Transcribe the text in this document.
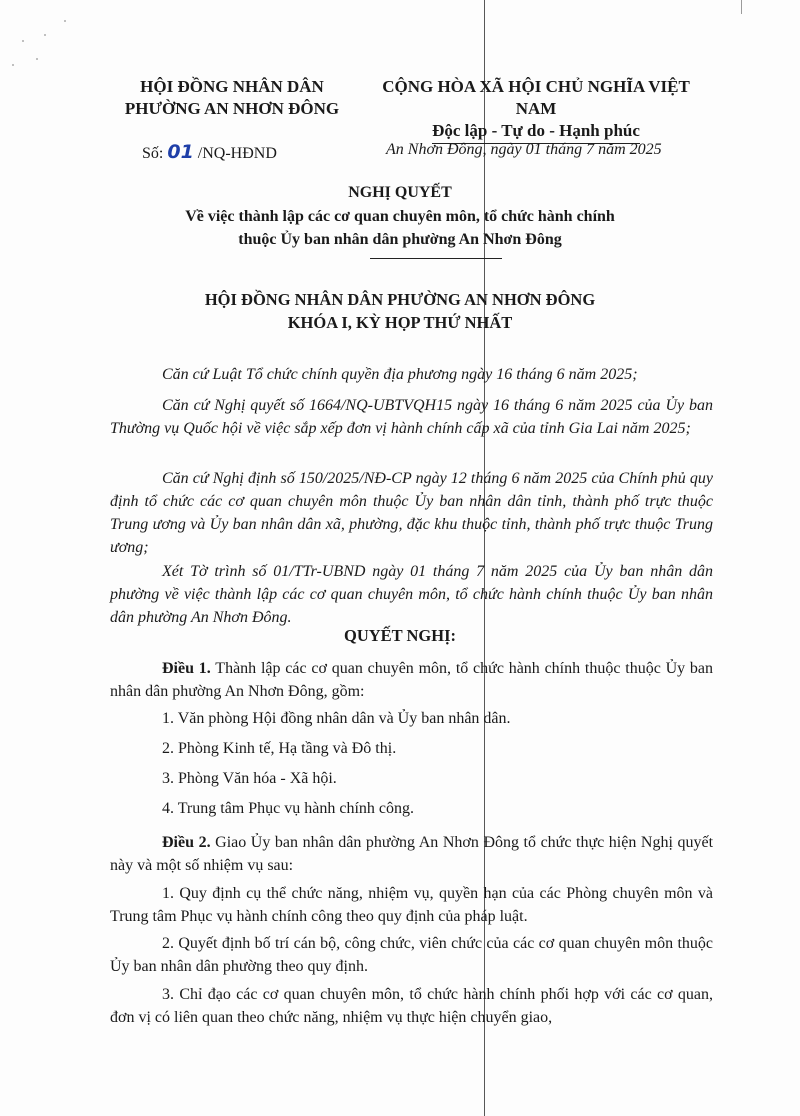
HỘI ĐỒNG NHÂN DÂN
PHƯỜNG AN NHƠN ĐÔNG
CỘNG HÒA XÃ HỘI CHỦ NGHĨA VIỆT NAM
Độc lập - Tự do - Hạnh phúc
Số: 01 /NQ-HĐND	An Nhơn Đông, ngày 01 tháng 7 năm 2025
NGHỊ QUYẾT
Về việc thành lập các cơ quan chuyên môn, tổ chức hành chính
thuộc Ủy ban nhân dân phường An Nhơn Đông
HỘI ĐỒNG NHÂN DÂN PHƯỜNG AN NHƠN ĐÔNG
KHÓA I, KỲ HỌP THỨ NHẤT
Căn cứ Luật Tổ chức chính quyền địa phương ngày 16 tháng 6 năm 2025;
Căn cứ Nghị quyết số 1664/NQ-UBTVQH15 ngày 16 tháng 6 năm 2025 của Ủy ban Thường vụ Quốc hội về việc sắp xếp đơn vị hành chính cấp xã của tỉnh Gia Lai năm 2025;
Căn cứ Nghị định số 150/2025/NĐ-CP ngày 12 tháng 6 năm 2025 của Chính phủ quy định tổ chức các cơ quan chuyên môn thuộc Ủy ban nhân dân tỉnh, thành phố trực thuộc Trung ương và Ủy ban nhân dân xã, phường, đặc khu thuộc tỉnh, thành phố trực thuộc Trung ương;
Xét Tờ trình số 01/TTr-UBND ngày 01 tháng 7 năm 2025 của Ủy ban nhân dân phường về việc thành lập các cơ quan chuyên môn, tổ chức hành chính thuộc Ủy ban nhân dân phường An Nhơn Đông.
QUYẾT NGHỊ:
Điều 1. Thành lập các cơ quan chuyên môn, tổ chức hành chính thuộc thuộc Ủy ban nhân dân phường An Nhơn Đông, gồm:
1. Văn phòng Hội đồng nhân dân và Ủy ban nhân dân.
2. Phòng Kinh tế, Hạ tầng và Đô thị.
3. Phòng Văn hóa - Xã hội.
4. Trung tâm Phục vụ hành chính công.
Điều 2. Giao Ủy ban nhân dân phường An Nhơn Đông tổ chức thực hiện Nghị quyết này và một số nhiệm vụ sau:
1. Quy định cụ thể chức năng, nhiệm vụ, quyền hạn của các Phòng chuyên môn và Trung tâm Phục vụ hành chính công theo quy định của pháp luật.
2. Quyết định bố trí cán bộ, công chức, viên chức của các cơ quan chuyên môn thuộc Ủy ban nhân dân phường theo quy định.
3. Chỉ đạo các cơ quan chuyên môn, tổ chức hành chính phối hợp với các cơ quan, đơn vị có liên quan theo chức năng, nhiệm vụ thực hiện chuyển giao,
